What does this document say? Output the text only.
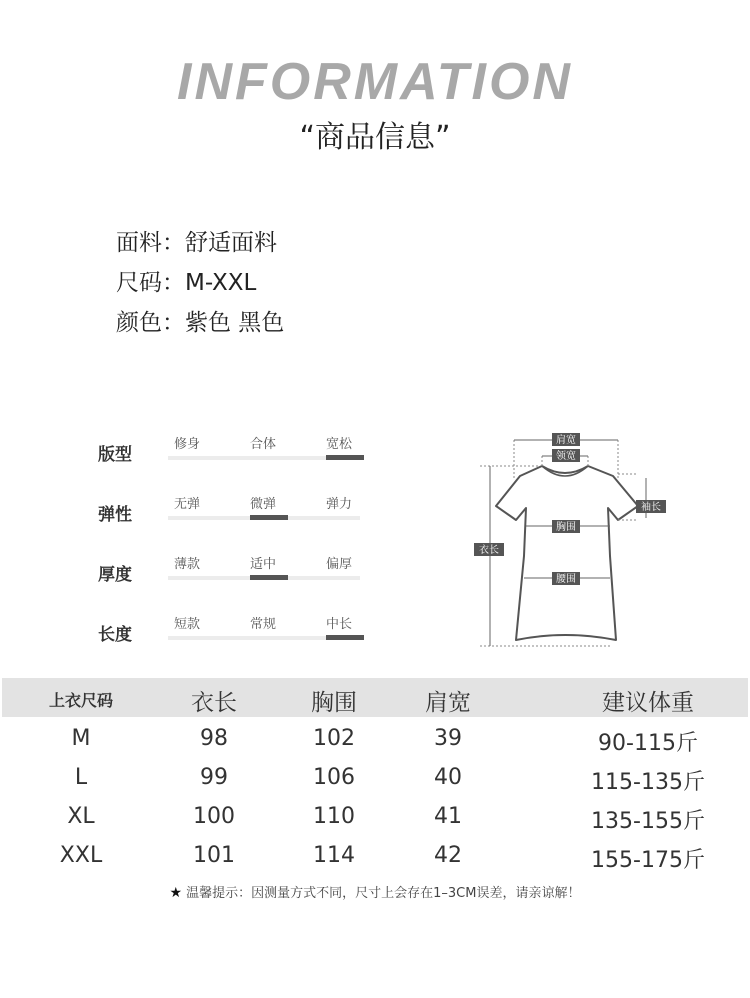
INFORMATION
“商品信息”
面料：舒适面料
尺码：M-XXL
颜色：紫色 黑色
版型
修身	合体	宽松
弹性
无弹	微弹	弹力
厚度
薄款	适中	偏厚
长度
短款	常规	中长
肩宽
领宽
胸围
腰围
衣长
袖长
上衣尺码	衣长	胸围	肩宽	建议体重
M	98	102	39	90-115斤
L	99	106	40	115-135斤
XL	100	110	41	135-155斤
XXL	101	114	42	155-175斤
★ 温馨提示：因测量方式不同，尺寸上会存在1–3CM误差，请亲谅解！
